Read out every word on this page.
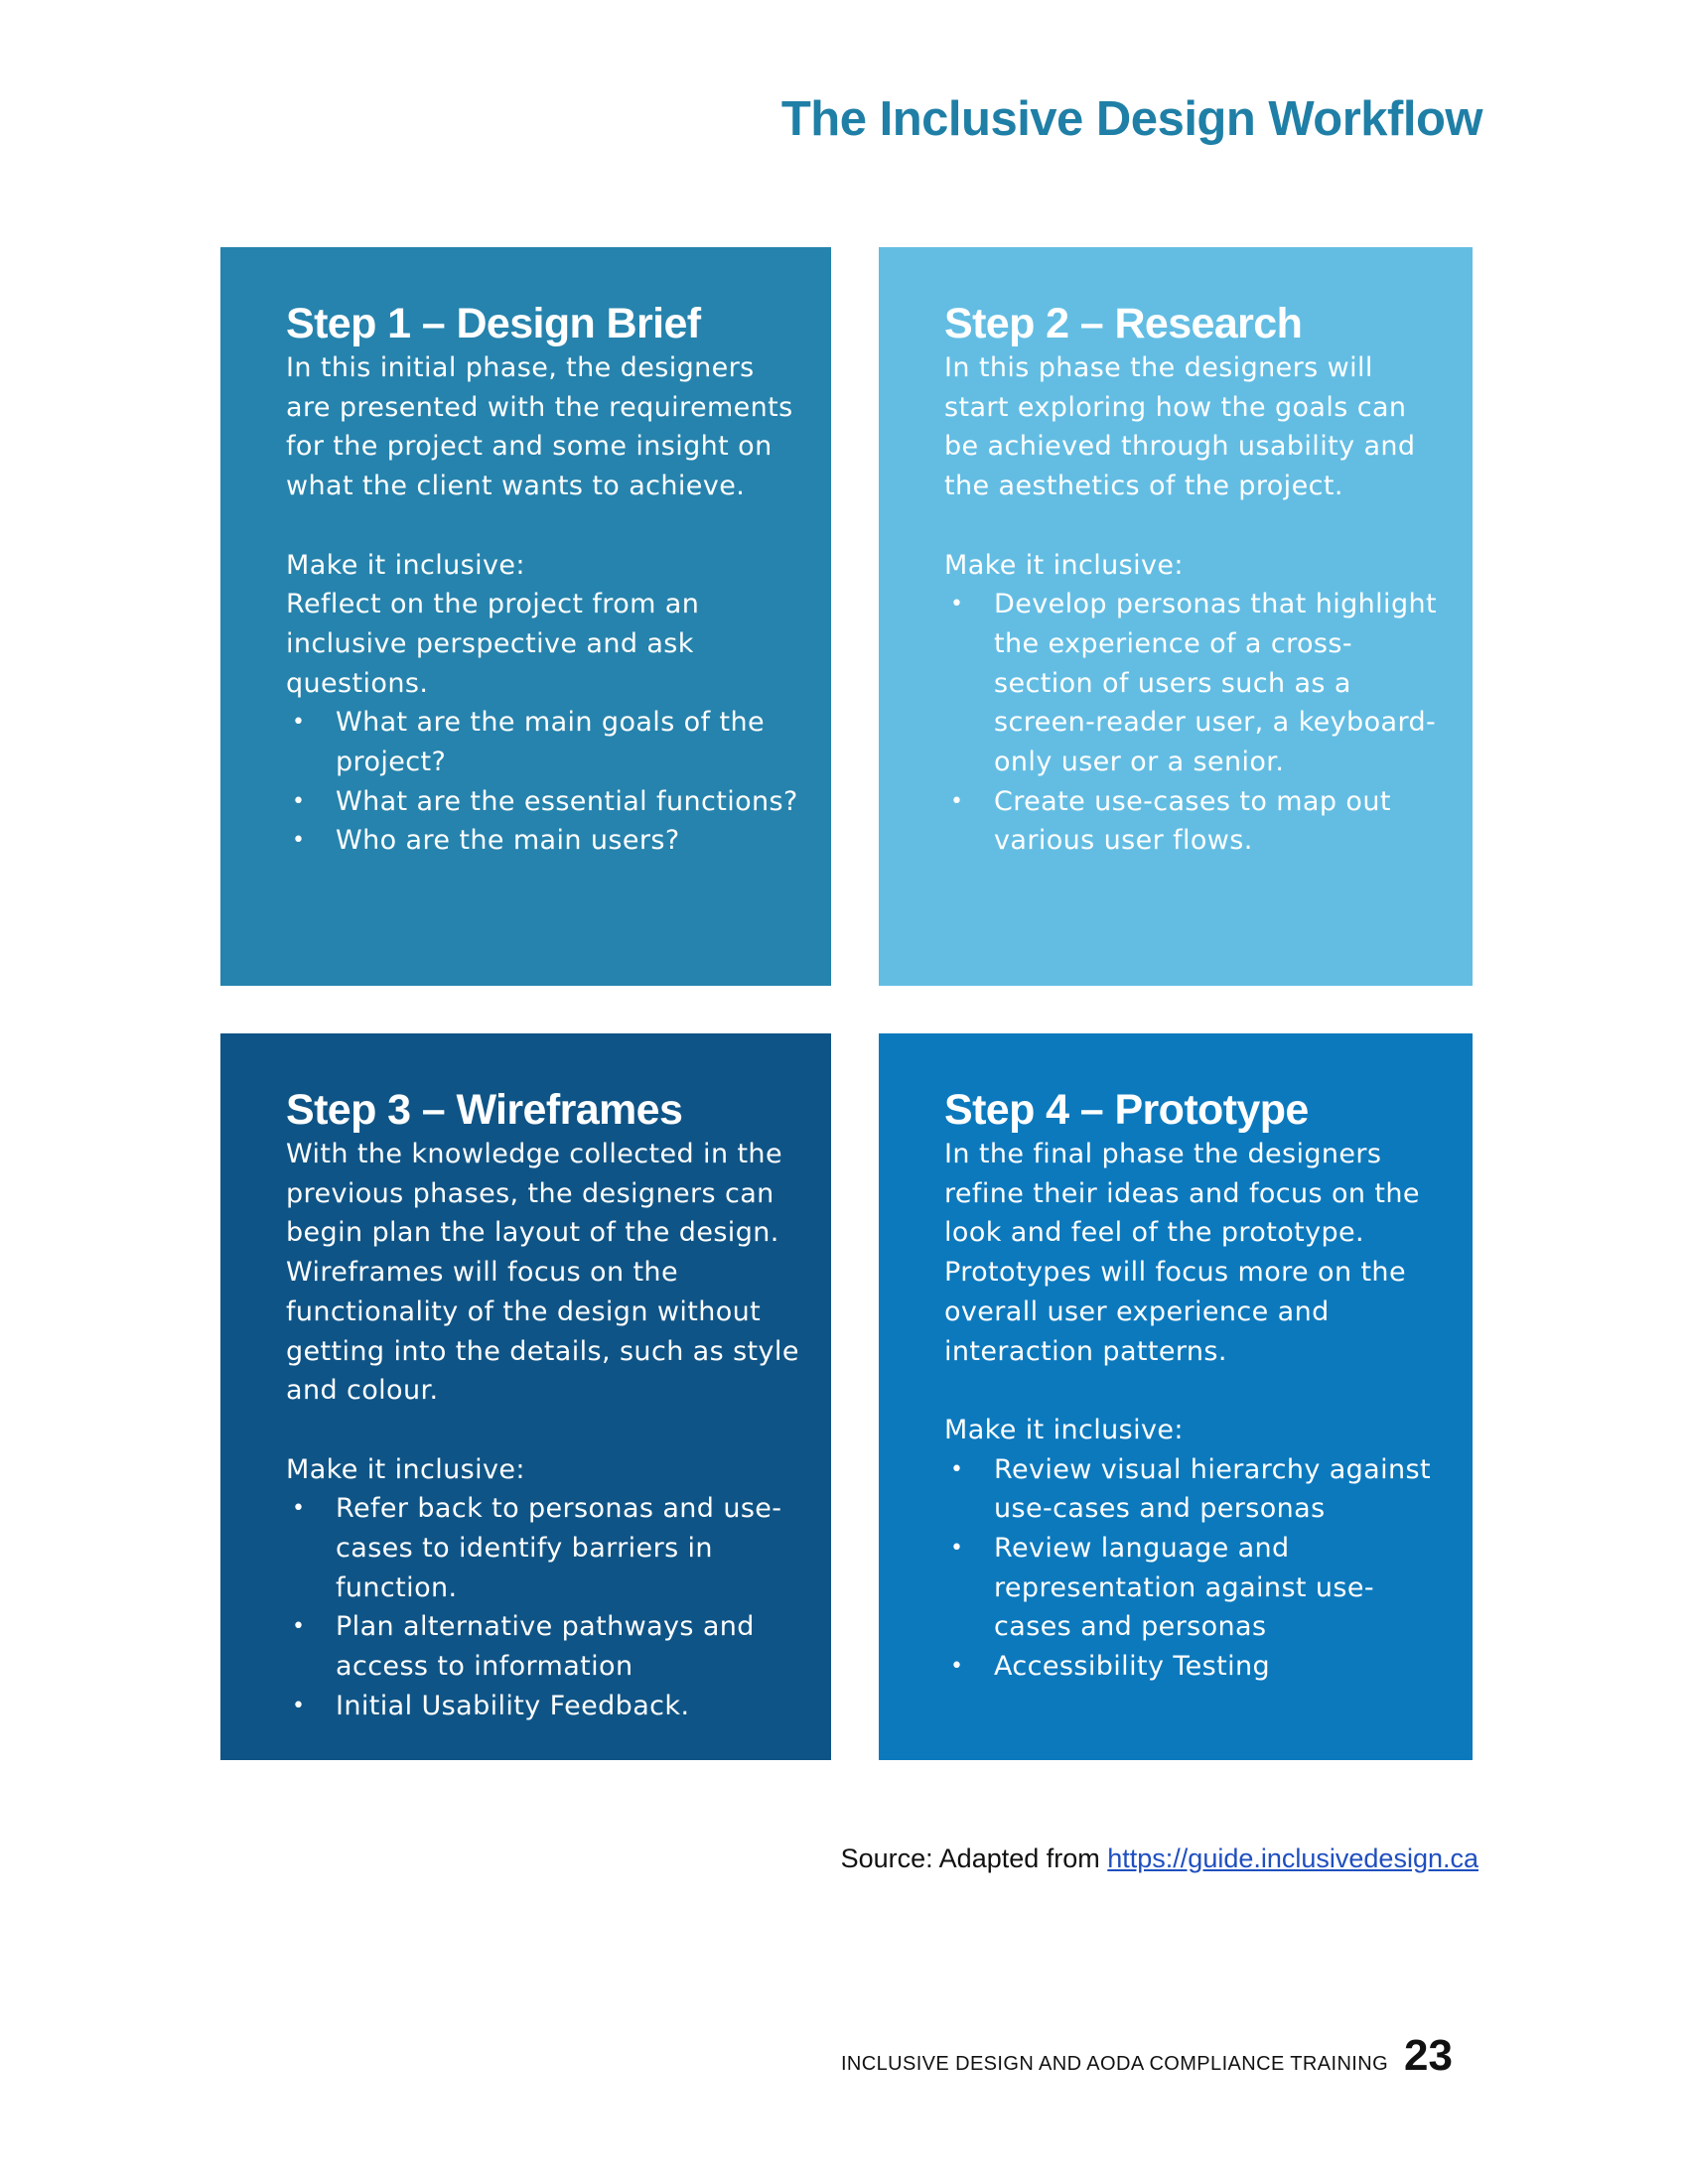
The Inclusive Design Workflow
Step 1 – Design Brief

In this initial phase, the designers are presented with the requirements for the project and some insight on what the client wants to achieve.

Make it inclusive:

Reflect on the project from an inclusive perspective and ask questions.

• What are the main goals of the project?
• What are the essential functions?
• Who are the main users?
Step 2 – Research

In this phase the designers will start exploring how the goals can be achieved through usability and the aesthetics of the project.

Make it inclusive:

• Develop personas that highlight the experience of a cross-section of users such as a screen-reader user, a keyboard-only user or a senior.
• Create use-cases to map out various user flows.
Step 3 – Wireframes

With the knowledge collected in the previous phases, the designers can begin plan the layout of the design. Wireframes will focus on the functionality of the design without getting into the details, such as style and colour.

Make it inclusive:

• Refer back to personas and use-cases to identify barriers in function.
• Plan alternative pathways and access to information
• Initial Usability Feedback.
Step 4 – Prototype

In the final phase the designers refine their ideas and focus on the look and feel of the prototype. Prototypes will focus more on the overall user experience and interaction patterns.

Make it inclusive:

• Review visual hierarchy against use-cases and personas
• Review language and representation against use-cases and personas
• Accessibility Testing
Source: Adapted from https://guide.inclusivedesign.ca
INCLUSIVE DESIGN AND AODA COMPLIANCE TRAINING 23
